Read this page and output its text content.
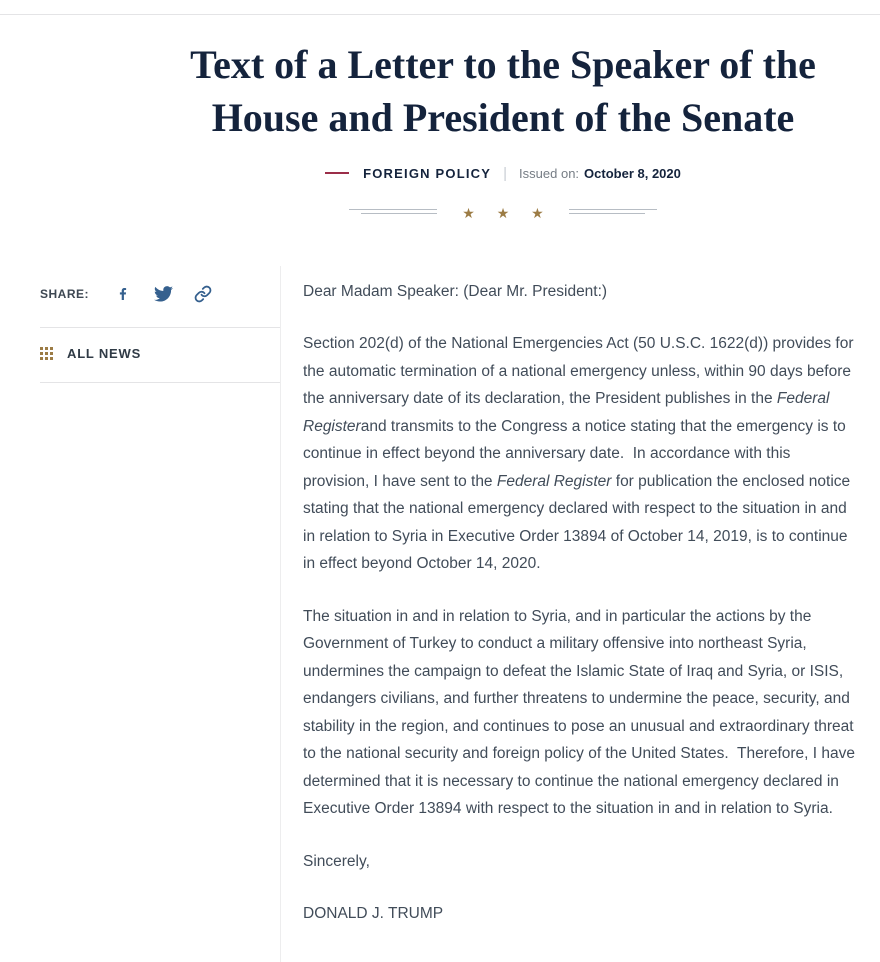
Text of a Letter to the Speaker of the House and President of the Senate
FOREIGN POLICY | Issued on: October 8, 2020
★ ★ ★
SHARE:
ALL NEWS

Dear Madam Speaker: (Dear Mr. President:)

Section 202(d) of the National Emergencies Act (50 U.S.C. 1622(d)) provides for the automatic termination of a national emergency unless, within 90 days before the anniversary date of its declaration, the President publishes in the Federal Registerand transmits to the Congress a notice stating that the emergency is to continue in effect beyond the anniversary date.  In accordance with this provision, I have sent to the Federal Register for publication the enclosed notice stating that the national emergency declared with respect to the situation in and in relation to Syria in Executive Order 13894 of October 14, 2019, is to continue in effect beyond October 14, 2020.

The situation in and in relation to Syria, and in particular the actions by the Government of Turkey to conduct a military offensive into northeast Syria, undermines the campaign to defeat the Islamic State of Iraq and Syria, or ISIS, endangers civilians, and further threatens to undermine the peace, security, and stability in the region, and continues to pose an unusual and extraordinary threat to the national security and foreign policy of the United States.  Therefore, I have determined that it is necessary to continue the national emergency declared in Executive Order 13894 with respect to the situation in and in relation to Syria.

Sincerely,

DONALD J. TRUMP
